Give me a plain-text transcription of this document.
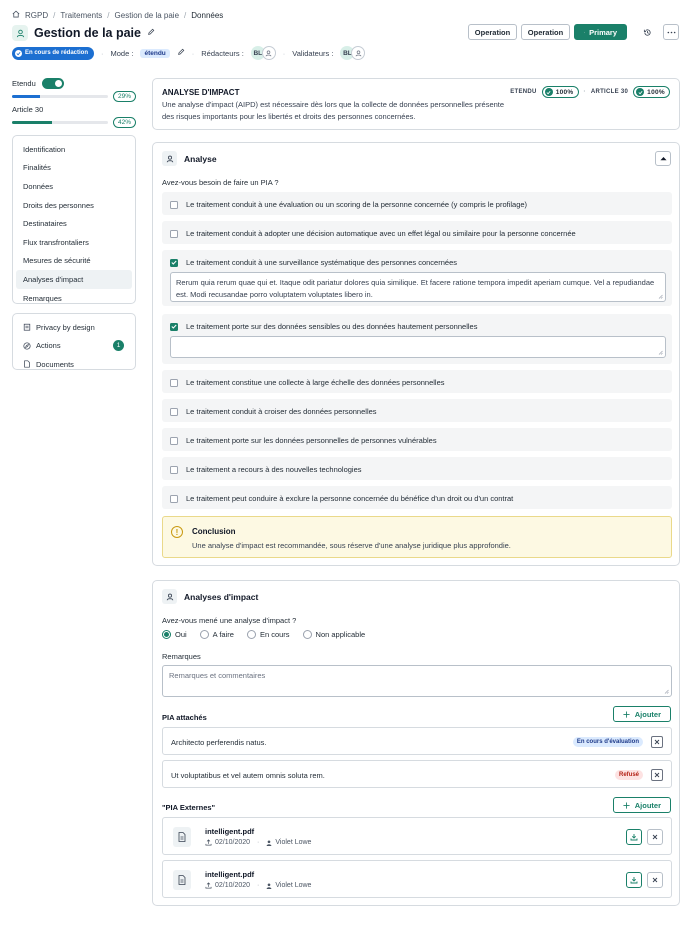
RGPD / Traitements / Gestion de la paie / Données
Gestion de la paie
En cours de rédaction · Mode :	étendu	· Rédacteurs :	BL	· Validateurs :	BL
Operation	Operation	Primary
Etendu
29%
Article 30
42%
Identification
Finalités
Données
Droits des personnes
Destinataires
Flux transfrontaliers
Mesures de sécurité
Analyses d'impact
Remarques
Privacy by design
Actions	1
Documents
ANALYSE D'IMPACT
Une analyse d'impact (AIPD) est nécessaire dès lors que la collecte de données personnelles présente des risques importants pour les libertés et droits des personnes concernées.
ETENDU	100% · ARTICLE 30	100%
Analyse
Avez-vous besoin de faire un PIA ?
Le traitement conduit à une évaluation ou un scoring de la personne concernée (y compris le profilage)
Le traitement conduit à adopter une décision automatique avec un effet légal ou similaire pour la personne concernée
Le traitement conduit à une surveillance systématique des personnes concernées
Rerum quia rerum quae qui et. Itaque odit pariatur dolores quia similique. Et facere ratione tempora impedit aperiam cumque. Vel a repudiandae est. Modi recusandae porro voluptatem voluptates libero in.
Le traitement porte sur des données sensibles ou des données hautement personnelles
Le traitement constitue une collecte à large échelle des données personnelles
Le traitement conduit à croiser des données personnelles
Le traitement porte sur les données personnelles de personnes vulnérables
Le traitement a recours à des nouvelles technologies
Le traitement peut conduire à exclure la personne concernée du bénéfice d'un droit ou d'un contrat
!	Conclusion
Une analyse d'impact est recommandée, sous réserve d'une analyse juridique plus approfondie.
Analyses d'impact
Avez-vous mené une analyse d'impact ?
Oui	A faire	En cours	Non applicable
Remarques
Remarques et commentaires
PIA attachés	Ajouter
Architecto perferendis natus.	En cours d'évaluation
Ut voluptatibus et vel autem omnis soluta rem.	Refusé
"PIA Externes"	Ajouter
intelligent.pdf
02/10/2020 · Violet Lowe
intelligent.pdf
02/10/2020 · Violet Lowe
